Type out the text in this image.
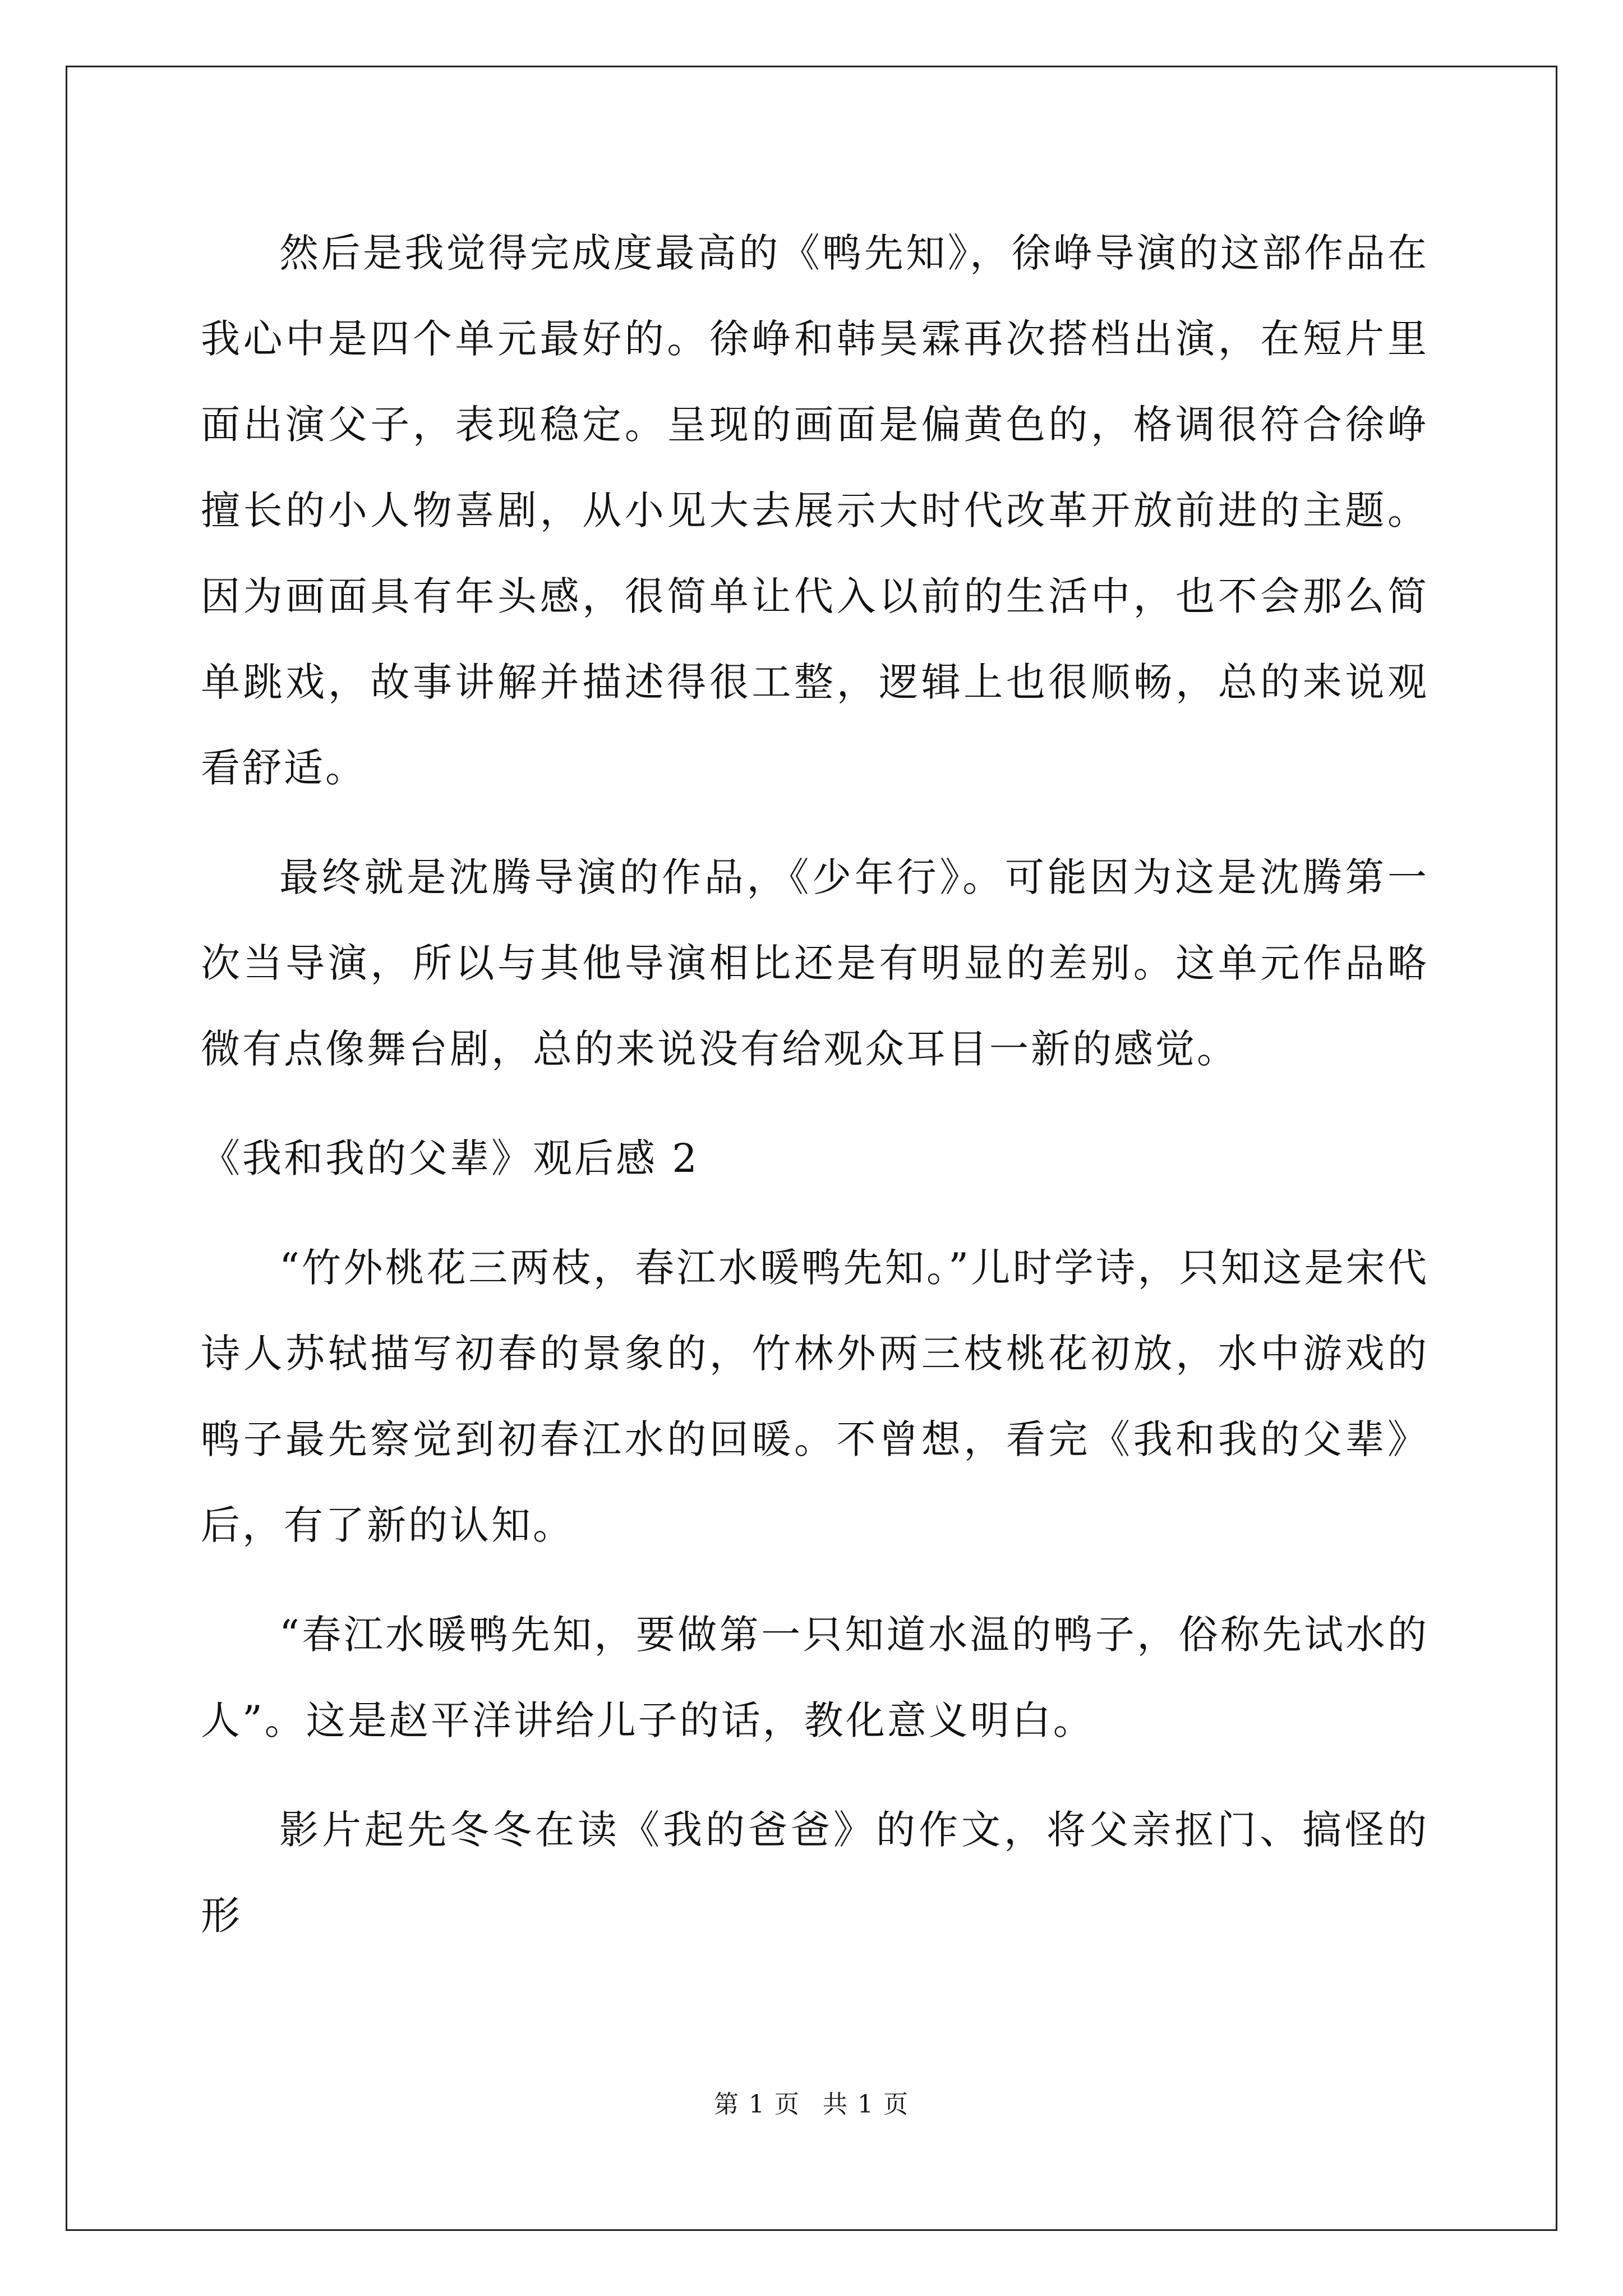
然后是我觉得完成度最高的《鸭先知》，徐峥导演的这部作品在我心中是四个单元最好的。徐峥和韩昊霖再次搭档出演，在短片里面出演父子，表现稳定。呈现的画面是偏黄色的，格调很符合徐峥擅长的小人物喜剧，从小见大去展示大时代改革开放前进的主题。因为画面具有年头感，很简单让代入以前的生活中，也不会那么简单跳戏，故事讲解并描述得很工整，逻辑上也很顺畅，总的来说观看舒适。

最终就是沈腾导演的作品，《少年行》。可能因为这是沈腾第一次当导演，所以与其他导演相比还是有明显的差别。这单元作品略微有点像舞台剧，总的来说没有给观众耳目一新的感觉。

《我和我的父辈》观后感 2

“竹外桃花三两枝，春江水暖鸭先知。”儿时学诗，只知这是宋代诗人苏轼描写初春的景象的，竹林外两三枝桃花初放，水中游戏的鸭子最先察觉到初春江水的回暖。不曾想，看完《我和我的父辈》后，有了新的认知。

“春江水暖鸭先知，要做第一只知道水温的鸭子，俗称先试水的人”。这是赵平洋讲给儿子的话，教化意义明白。

影片起先冬冬在读《我的爸爸》的作文，将父亲抠门、搞怪的形

第 1 页 共 1 页
